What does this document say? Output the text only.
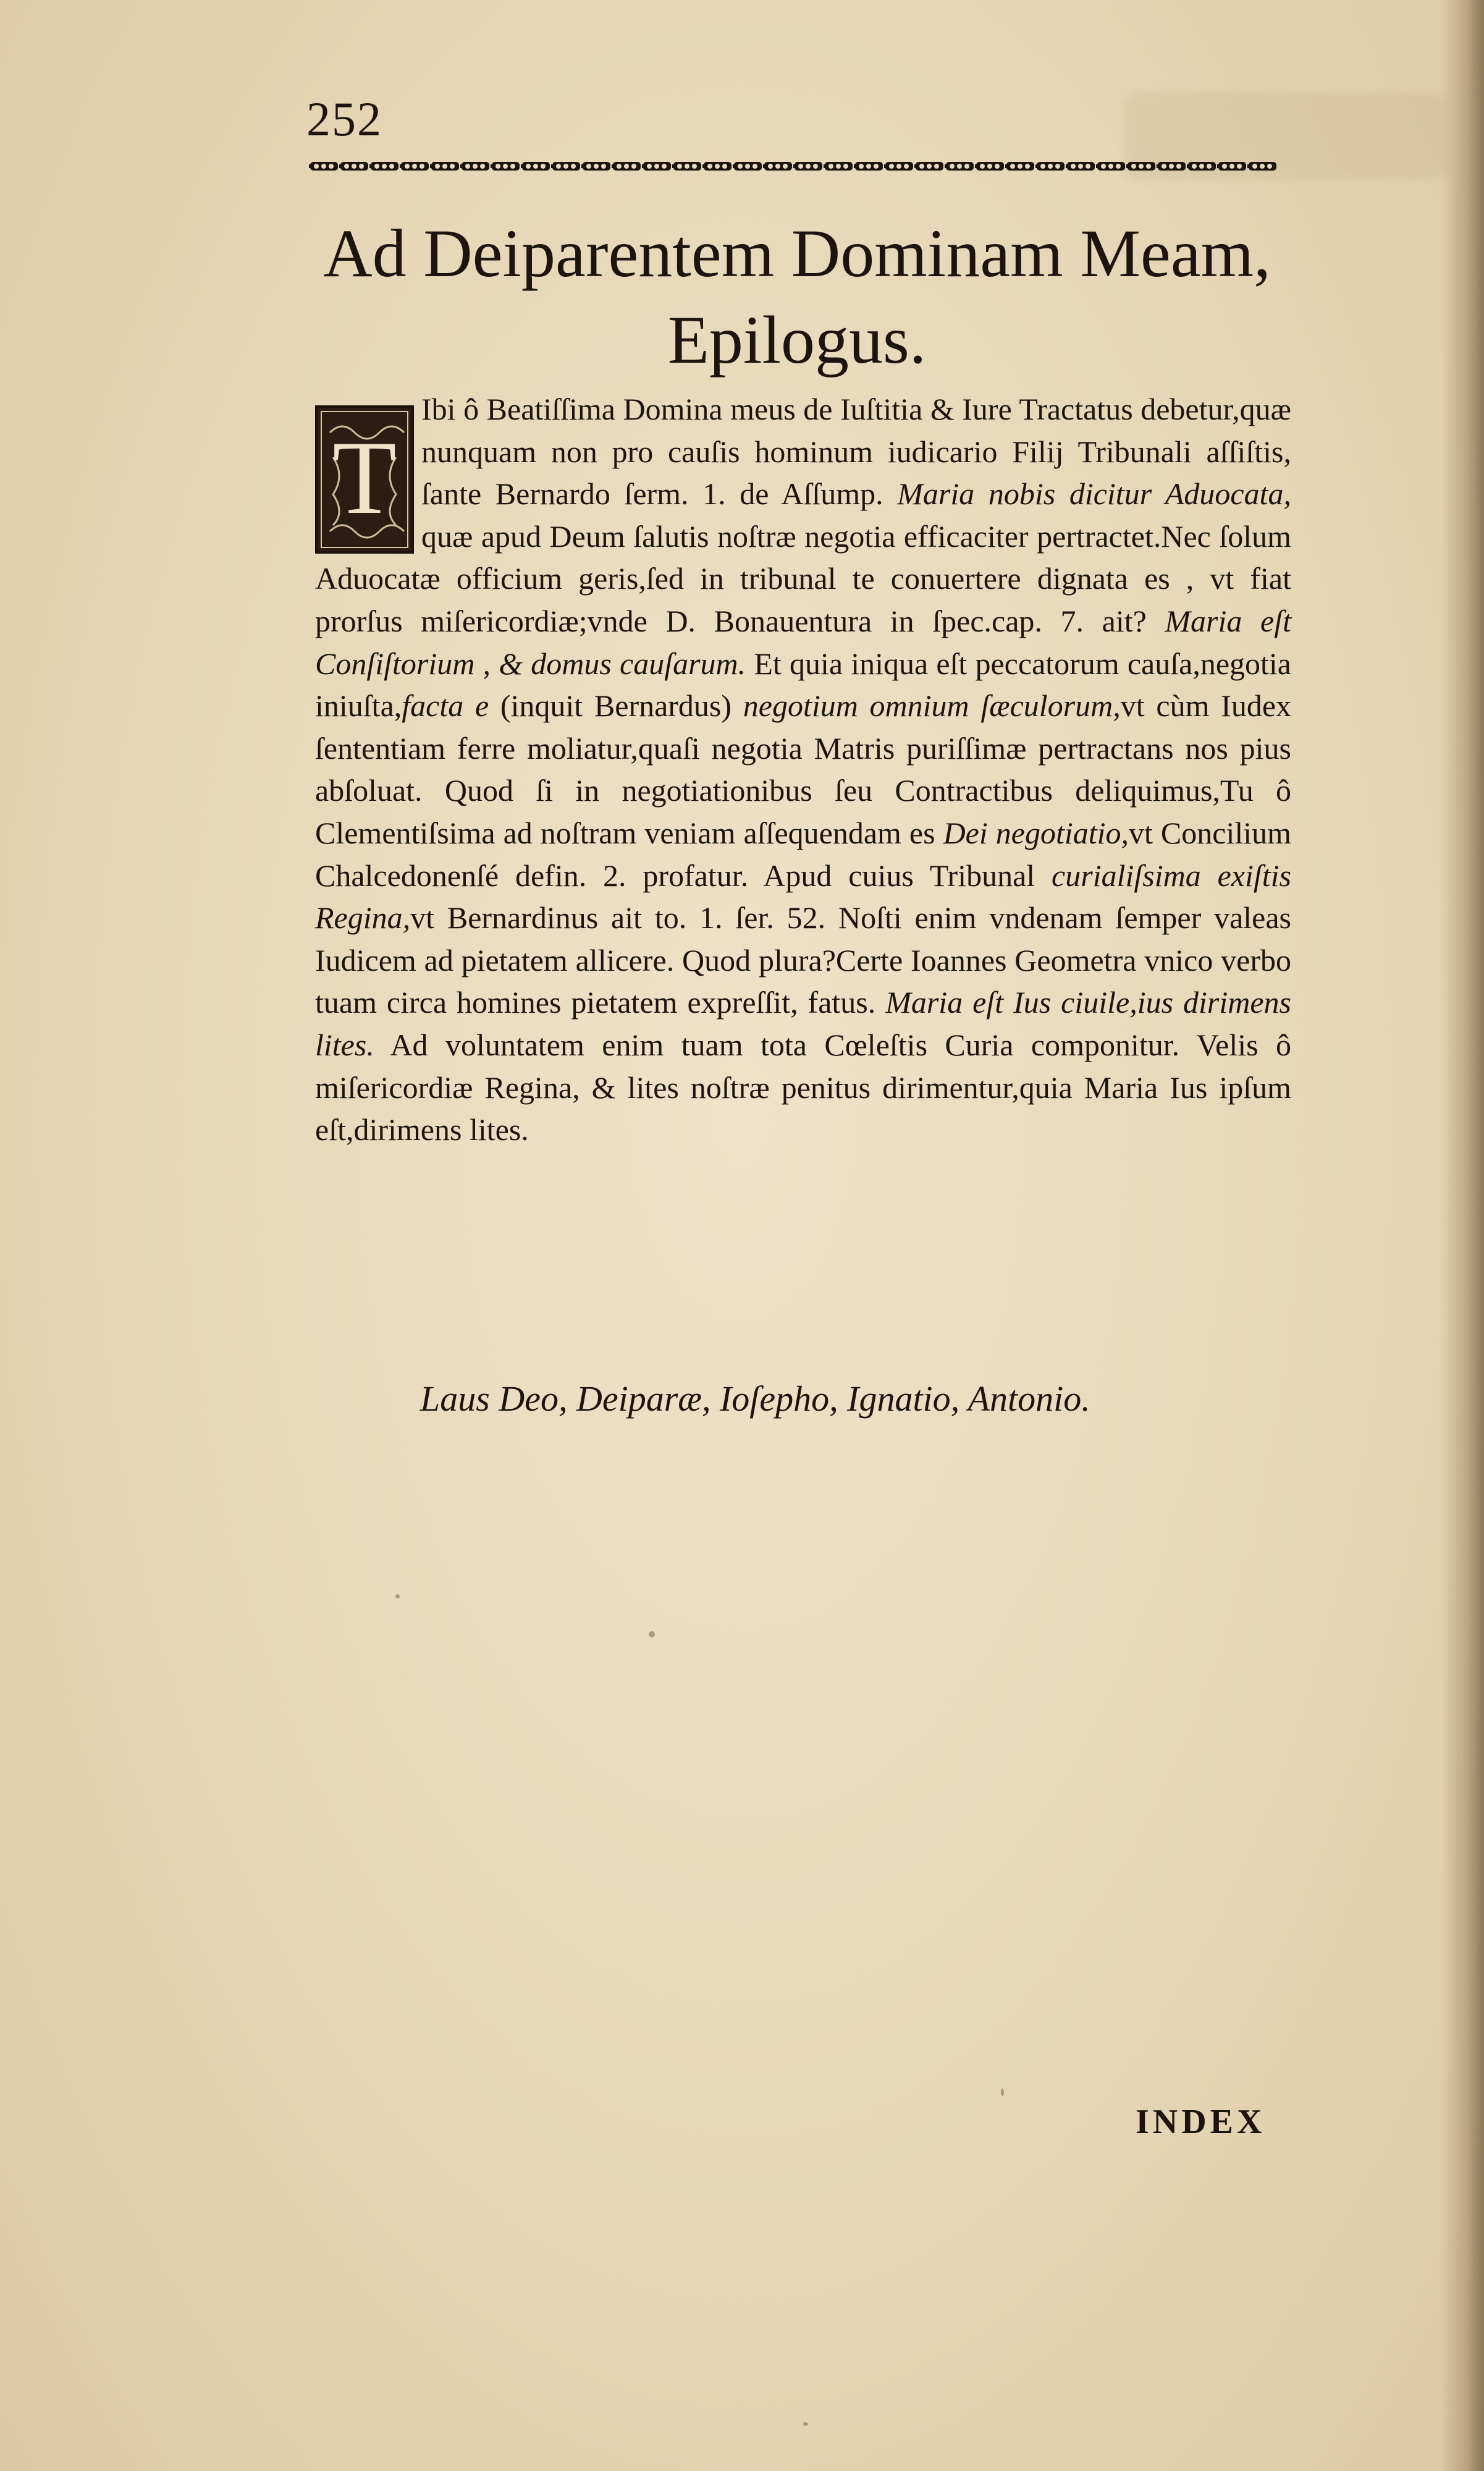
252
Ad Deiparentem Dominam Meam,
Epilogus.
T
Ibi ô Beatiſſima Domina meus de Iuſtitia & Iure Tractatus debetur,quæ nunquam non pro cauſis hominum iudicario Filij Tribunali aſſiſtis, ſante Bernardo ſerm. 1. de Aſſump. Maria nobis dicitur Aduocata, quæ apud Deum ſalutis noſtræ negotia efficaciter pertractet.Nec ſolum Aduocatæ officium geris,ſed in tribunal te conuertere dignata es , vt fiat prorſus miſericordiæ;vnde D. Bonauentura in ſpec.cap. 7. ait? Maria eſt Conſiſtorium , & domus cauſarum. Et quia iniqua eſt peccatorum cauſa,negotia iniuſta,facta e (inquit Bernardus) negotium omnium ſæculorum,vt cùm Iudex ſententiam ferre moliatur,quaſi negotia Matris puriſſimæ pertractans nos pius abſoluat. Quod ſi in negotiationibus ſeu Contractibus deliquimus,Tu ô Clementiſsima ad noſtram veniam aſſequendam es Dei negotiatio,vt Concilium Chalcedonenſé defin. 2. profatur. Apud cuius Tribunal curialiſsima exiſtis Regina,vt Bernardinus ait to. 1. ſer. 52. Noſti enim vndenam ſemper valeas Iudicem ad pietatem allicere. Quod plura?Certe Ioannes Geometra vnico verbo tuam circa homines pietatem expreſſit, fatus. Maria eſt Ius ciuile,ius dirimens lites. Ad voluntatem enim tuam tota Cœleſtis Curia componitur. Velis ô miſericordiæ Regina, & lites noſtræ penitus dirimentur,quia Maria Ius ipſum eſt,dirimens lites.
Laus Deo, Deiparæ, Ioſepho, Ignatio, Antonio.
INDEX
